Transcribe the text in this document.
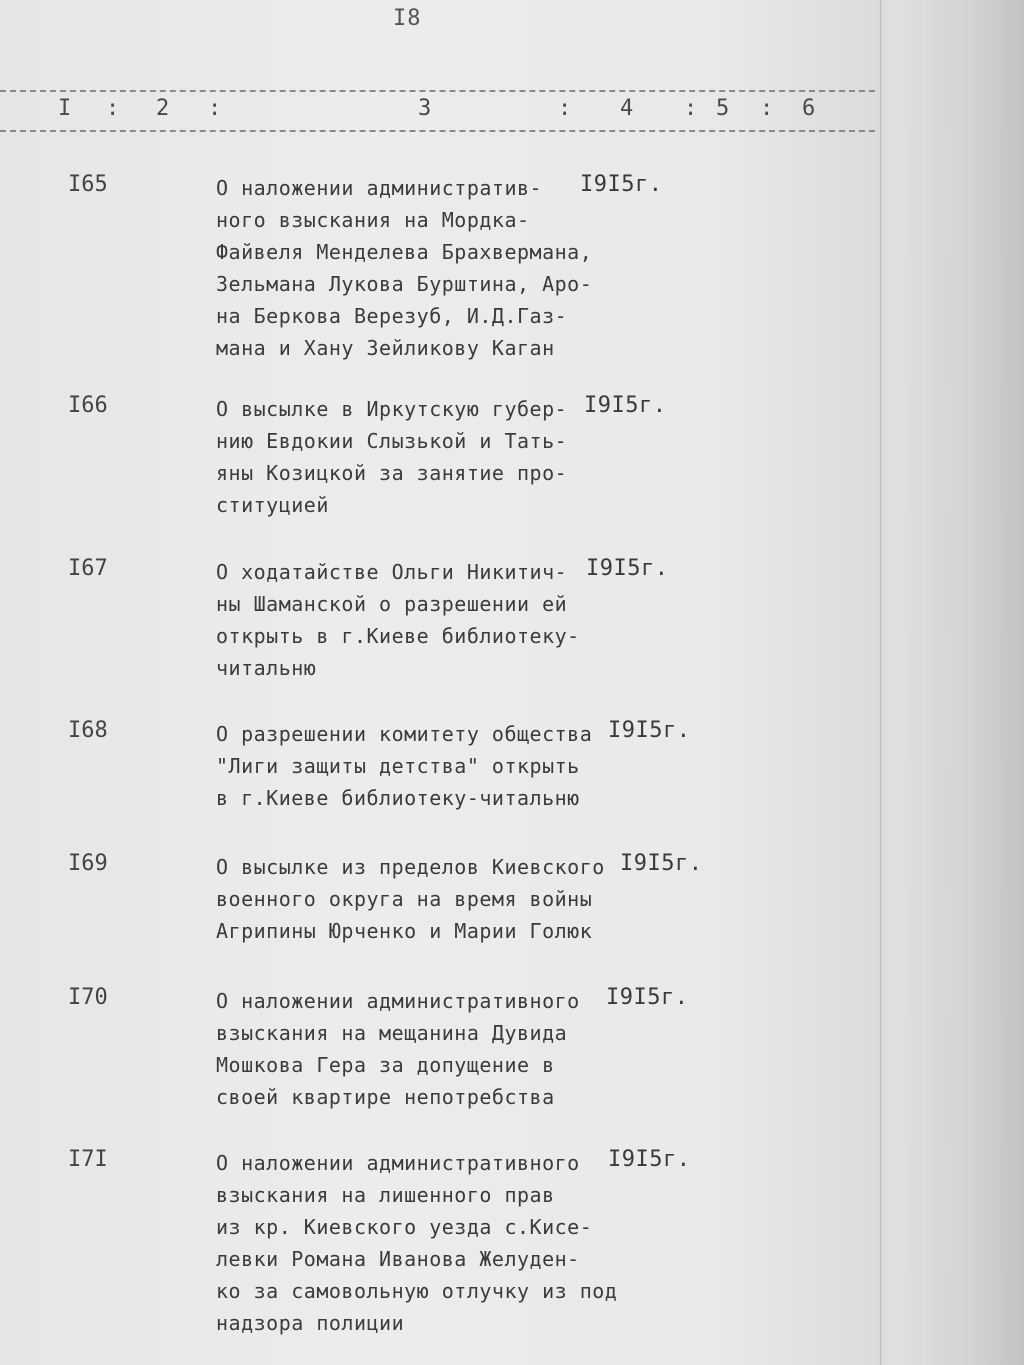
I8
I : 2 :	3	: 4 : 5 : 6
I65	О наложении административ-
ного взыскания на Мордка-
Файвеля Менделева Брахвермана,
Зельмана Лукова Бурштина, Аро-
на Беркова Верезуб, И.Д.Газ-
мана и Хану Зейликову Каган
I9I5г.
I66	О высылке в Иркутскую губер-
нию Евдокии Слызькой и Тать-
яны Козицкой за занятие про-
ституцией
I9I5г.
I67	О ходатайстве Ольги Никитич-
ны Шаманской о разрешении ей
открыть в г.Киеве библиотеку-
читальню
I9I5г.
I68	О разрешении комитету общества
"Лиги защиты детства" открыть
в г.Киеве библиотеку-читальню
I9I5г.
I69	О высылке из пределов Киевского
военного округа на время войны
Агрипины Юрченко и Марии Голюк
I9I5г.
I70	О наложении административного
взыскания на мещанина Дувида
Мошкова Гера за допущение в
своей квартире непотребства
I9I5г.
I7I	О наложении административного
взыскания на лишенного прав
из кр. Киевского уезда с.Кисе-
левки Романа Иванова Желуден-
ко за самовольную отлучку из под
надзора полиции
I9I5г.
